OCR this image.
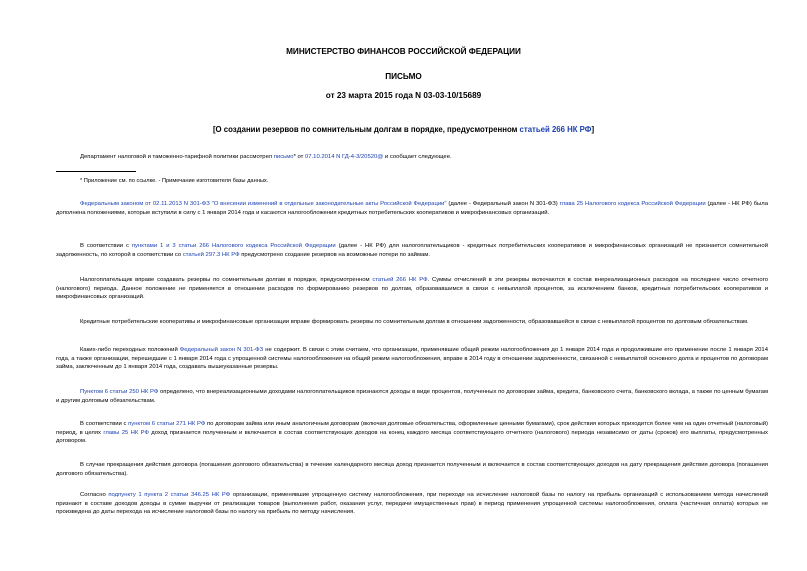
МИНИСТЕРСТВО ФИНАНСОВ РОССИЙСКОЙ ФЕДЕРАЦИИ
ПИСЬМО
от 23 марта 2015 года N 03-03-10/15689
[О создании резервов по сомнительным долгам в порядке, предусмотренном статьей 266 НК РФ]

Департамент налоговой и таможенно-тарифной политики рассмотрел письмо* от 07.10.2014 N ГД-4-3/20520@ и сообщает следующее.

* Приложение см. по ссылке. - Примечание изготовителя базы данных.

Федеральным законом от 02.11.2013 N 301-ФЗ "О внесении изменений в отдельные законодательные акты Российской Федерации" (далее - Федеральный закон N 301-ФЗ) глава 25 Налогового кодекса Российской Федерации (далее - НК РФ) была дополнена положениями, которые вступили в силу с 1 января 2014 года и касаются налогообложения кредитных потребительских кооперативов и микрофинансовых организаций.

В соответствии с пунктами 1 и 3 статьи 266 Налогового кодекса Российской Федерации (далее - НК РФ) для налогоплательщиков - кредитных потребительских кооперативов и микрофинансовых организаций не признается сомнительной задолженность, по которой в соответствии со статьей 297.3 НК РФ предусмотрено создание резервов на возможные потери по займам.

Налогоплательщик вправе создавать резервы по сомнительным долгам в порядке, предусмотренном статьей 266 НК РФ. Суммы отчислений в эти резервы включаются в состав внереализационных расходов на последнее число отчетного (налогового) периода. Данное положение не применяется в отношении расходов по формированию резервов по долгам, образовавшимся в связи с невыплатой процентов, за исключением банков, кредитных потребительских кооперативов и микрофинансовых организаций.

Кредитные потребительские кооперативы и микрофинансовые организации вправе формировать резервы по сомнительным долгам в отношении задолженности, образовавшейся в связи с невыплатой процентов по долговым обязательствам.

Каких-либо переходных положений Федеральный закон N 301-ФЗ не содержит. В связи с этим считаем, что организации, применявшие общий режим налогообложения до 1 января 2014 года и продолжившие его применение после 1 января 2014 года, а также организации, перешедшие с 1 января 2014 года с упрощенной системы налогообложения на общий режим налогообложения, вправе в 2014 году в отношении задолженности, связанной с невыплатой основного долга и процентов по договорам займа, заключенным до 1 января 2014 года, создавать вышеуказанные резервы.

Пунктом 6 статьи 250 НК РФ определено, что внереализационными доходами налогоплательщиков признаются доходы в виде процентов, полученных по договорам займа, кредита, банковского счета, банковского вклада, а также по ценным бумагам и другим долговым обязательствам.

В соответствии с пунктом 6 статьи 271 НК РФ по договорам займа или иным аналогичным договорам (включая долговые обязательства, оформленные ценными бумагами), срок действия которых приходится более чем на один отчетный (налоговый) период, в целях главы 25 НК РФ доход признается полученным и включается в состав соответствующих доходов на конец каждого месяца соответствующего отчетного (налогового) периода независимо от даты (сроков) его выплаты, предусмотренных договором.

В случае прекращения действия договора (погашения долгового обязательства) в течение календарного месяца доход признается полученным и включается в состав соответствующих доходов на дату прекращения действия договора (погашения долгового обязательства).

Согласно подпункту 1 пункта 2 статьи 346.25 НК РФ организации, применявшие упрощенную систему налогообложения, при переходе на исчисление налоговой базы по налогу на прибыль организаций с использованием метода начислений признают в составе доходов доходы в сумме выручки от реализации товаров (выполнения работ, оказания услуг, передачи имущественных прав) в период применения упрощенной системы налогообложения, оплата (частичная оплата) которых не произведена до даты перехода на исчисление налоговой базы по налогу на прибыль по методу начисления.
